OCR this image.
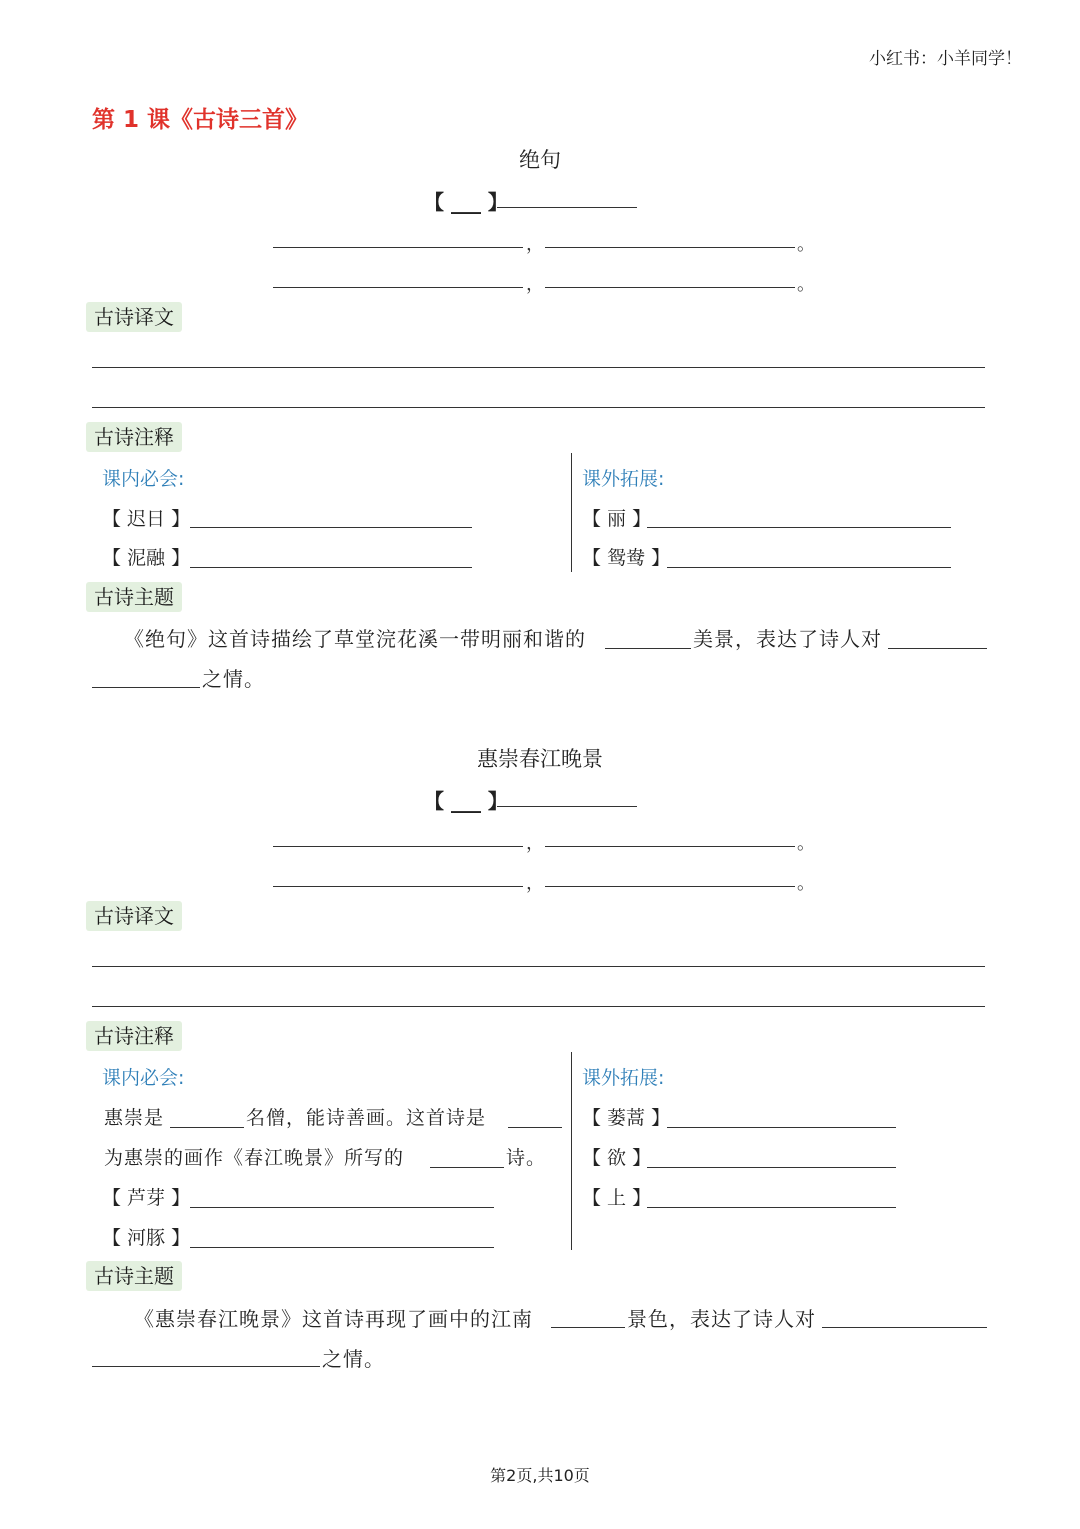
小红书：小羊同学！
第 1 课《古诗三首》
绝句
【 ___ 】
，	。
，	。
古诗译文
古诗注释
课内必会:
【 迟日 】
【 泥融 】
课外拓展:
【 丽 】
【 鸳鸯 】
古诗主题
《绝句》这首诗描绘了草堂浣花溪一带明丽和谐的	美景，表达了诗人对
之情。
惠崇春江晚景
【 ___ 】
，	。
，	。
古诗译文
古诗注释
课内必会:
惠崇是	名僧，能诗善画。这首诗是
为惠崇的画作《春江晚景》所写的	诗。
【 芦芽 】
【 河豚 】
课外拓展:
【 蒌蒿 】
【 欲 】
【 上 】
古诗主题
《惠崇春江晚景》这首诗再现了画中的江南	景色，表达了诗人对
之情。
第2页,共10页
